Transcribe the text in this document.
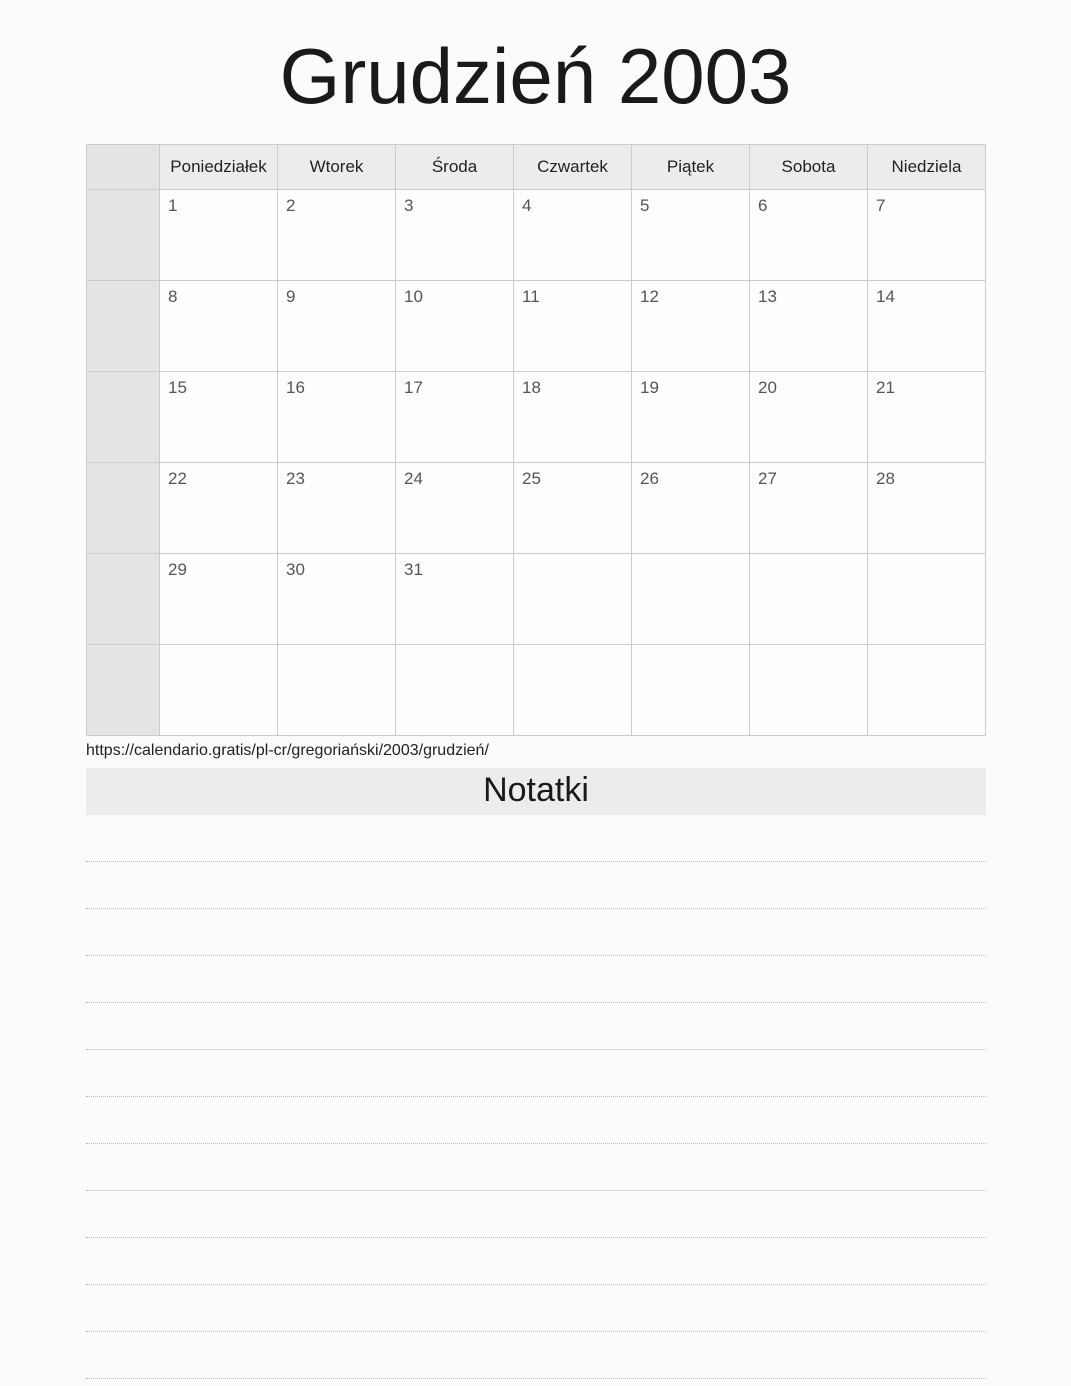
Grudzień 2003
	Poniedziałek	Wtorek	Środa	Czwartek	Piątek	Sobota	Niedziela
	1	2	3	4	5	6	7
	8	9	10	11	12	13	14
	15	16	17	18	19	20	21
	22	23	24	25	26	27	28
	29	30	31				

https://calendario.gratis/pl-cr/gregoriański/2003/grudzień/
Notatki
